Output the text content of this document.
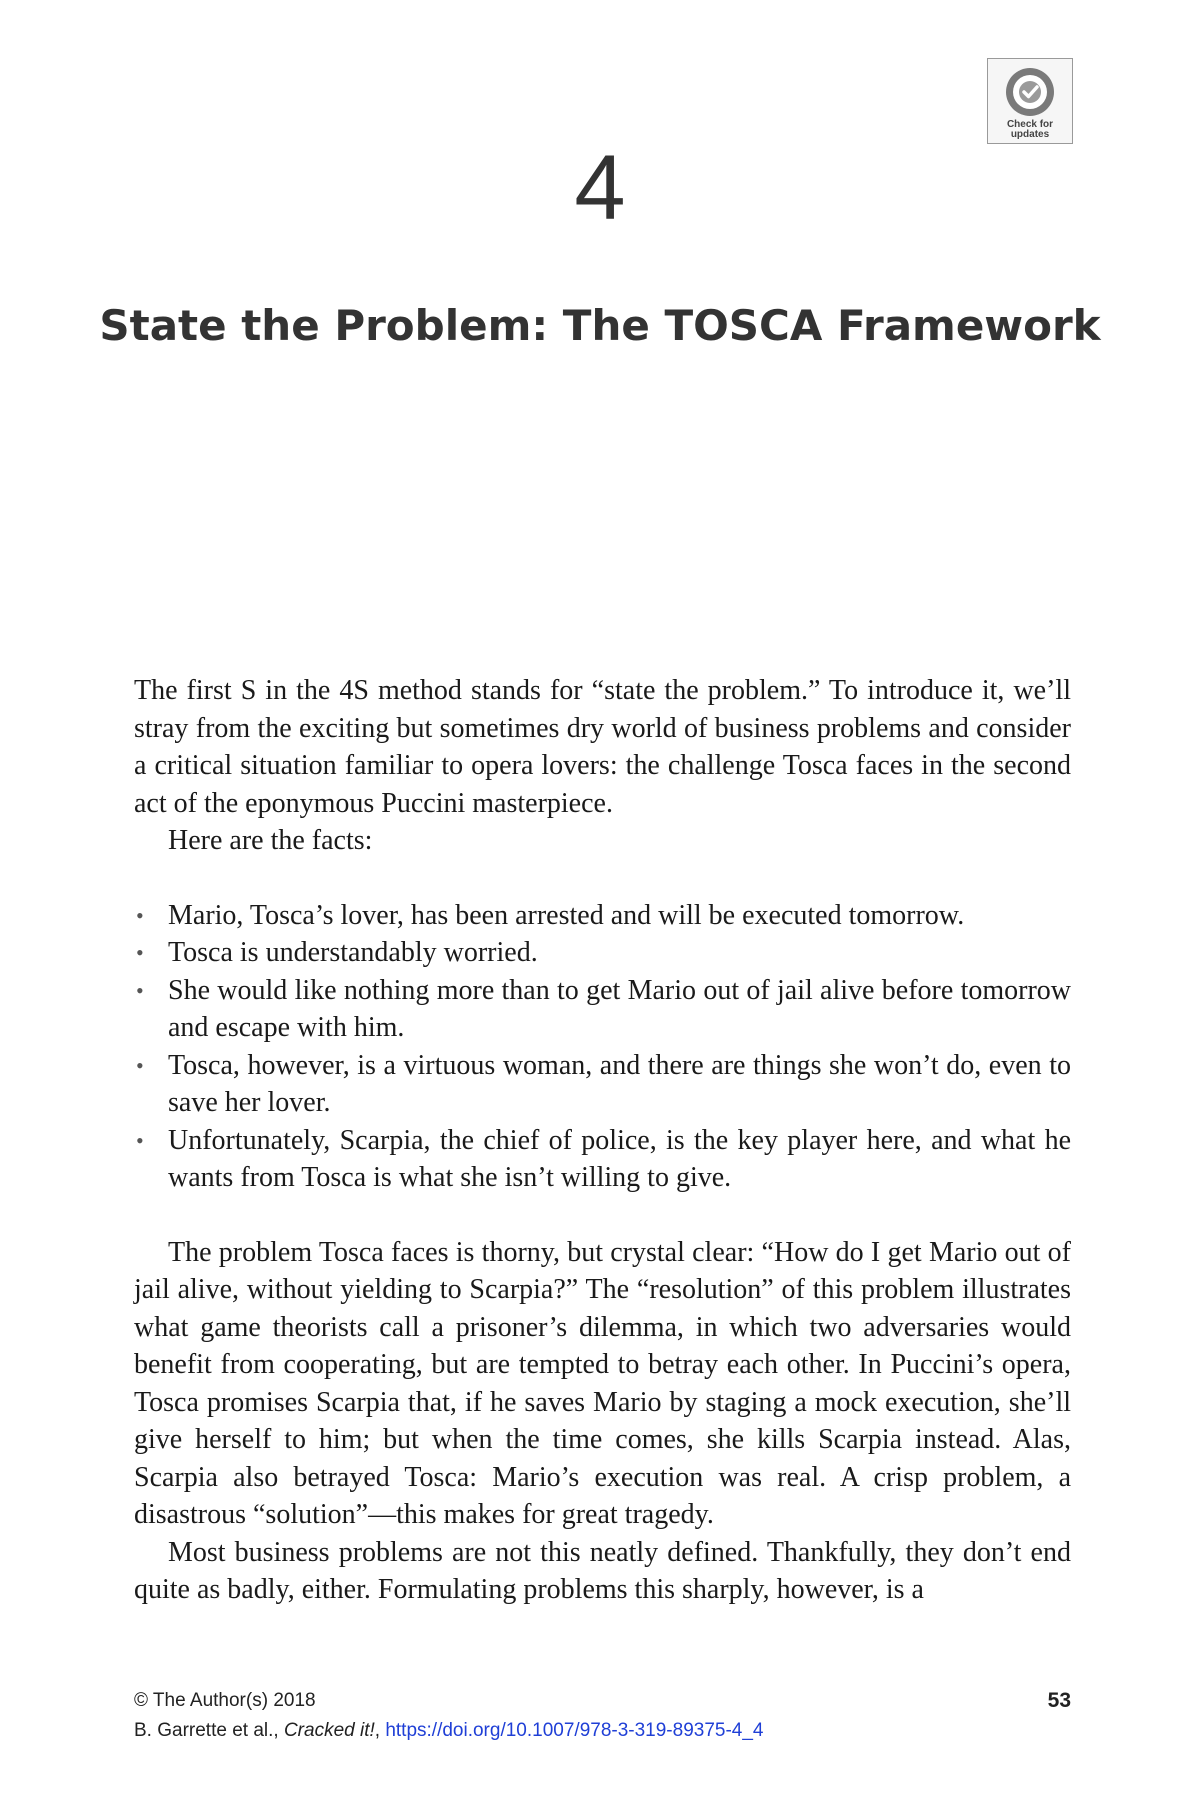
Check for updates
4
State the Problem: The TOSCA Framework

The first S in the 4S method stands for “state the problem.” To introduce it, we’ll stray from the exciting but sometimes dry world of business problems and consider a critical situation familiar to opera lovers: the challenge Tosca faces in the second act of the eponymous Puccini masterpiece.

Here are the facts:

• Mario, Tosca’s lover, has been arrested and will be executed tomorrow.
• Tosca is understandably worried.
• She would like nothing more than to get Mario out of jail alive before tomorrow and escape with him.
• Tosca, however, is a virtuous woman, and there are things she won’t do, even to save her lover.
• Unfortunately, Scarpia, the chief of police, is the key player here, and what he wants from Tosca is what she isn’t willing to give.

The problem Tosca faces is thorny, but crystal clear: “How do I get Mario out of jail alive, without yielding to Scarpia?” The “resolution” of this problem illustrates what game theorists call a prisoner’s dilemma, in which two adversaries would benefit from cooperating, but are tempted to betray each other. In Puccini’s opera, Tosca promises Scarpia that, if he saves Mario by staging a mock execution, she’ll give herself to him; but when the time comes, she kills Scarpia instead. Alas, Scarpia also betrayed Tosca: Mario’s execution was real. A crisp problem, a disastrous “solution”—this makes for great tragedy.

Most business problems are not this neatly defined. Thankfully, they don’t end quite as badly, either. Formulating problems this sharply, however, is a

© The Author(s) 2018	53
B. Garrette et al., Cracked it!, https://doi.org/10.1007/978-3-319-89375-4_4
